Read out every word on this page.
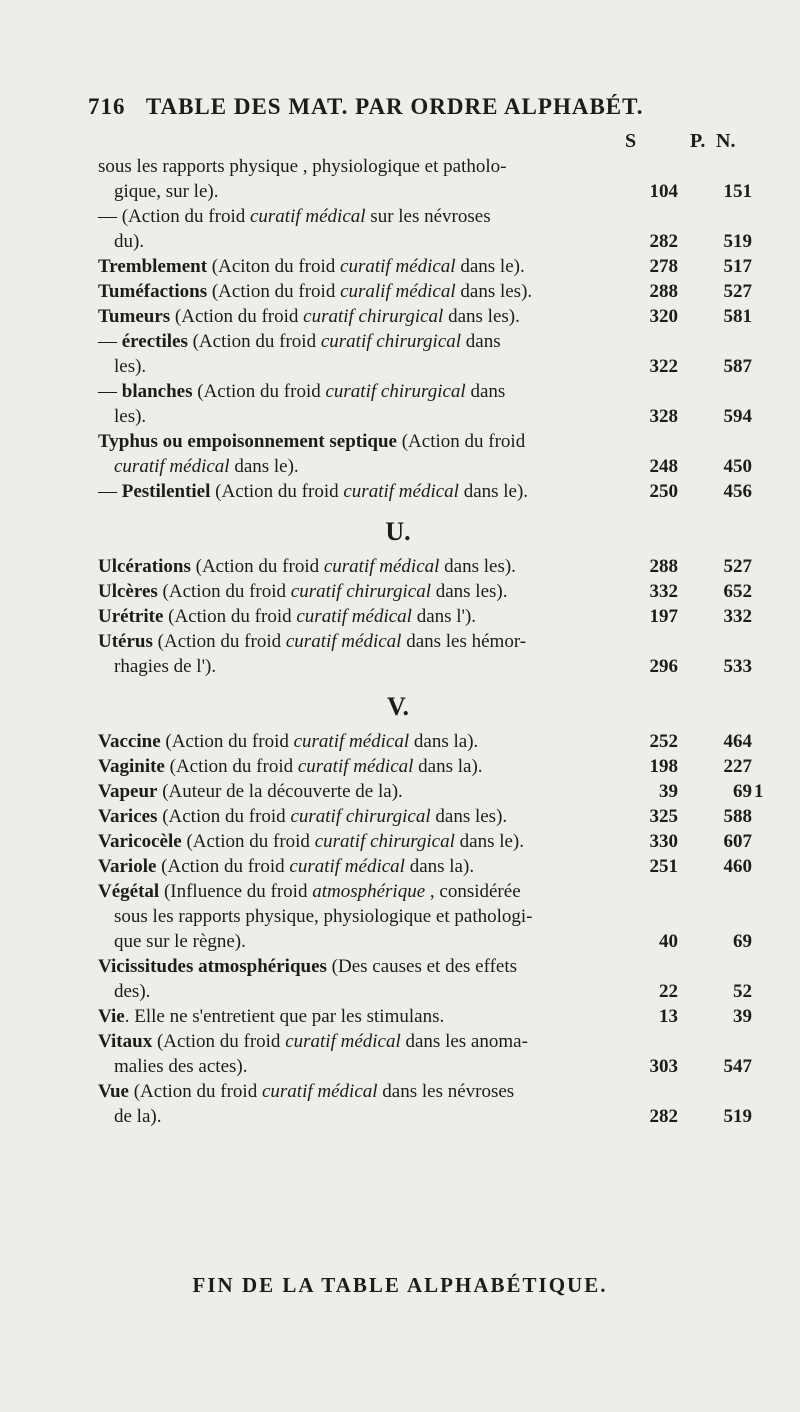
716 TABLE DES MAT. PAR ORDRE ALPHABÉT.
S	P. N.
sous les rapports physique , physiologique et patholo-
gique, sur le).	104	151
— (Action du froid curatif médical sur les névroses
du).	282	519
Tremblement (Aciton du froid curatif médical dans le).	278	517
Tuméfactions (Action du froid curalif médical dans les).	288	527
Tumeurs (Action du froid curatif chirurgical dans les).	320	581
— érectiles (Action du froid curatif chirurgical dans
les).	322	587
— blanches (Action du froid curatif chirurgical dans
les).	328	594
Typhus ou empoisonnement septique (Action du froid
curatif médical dans le).	248	450
— Pestilentiel (Action du froid curatif médical dans le).	250	456
U.
Ulcérations (Action du froid curatif médical dans les).	288	527
Ulcères (Action du froid curatif chirurgical dans les).	332	652
Urétrite (Action du froid curatif médical dans l').	197	332
Utérus (Action du froid curatif médical dans les hémor-
rhagies de l').	296	533
V.
Vaccine (Action du froid curatif médical dans la).	252	464
Vaginite (Action du froid curatif médical dans la).	198	227
Vapeur (Auteur de la découverte de la).	39	69 1
Varices (Action du froid curatif chirurgical dans les).	325	588
Varicocèle (Action du froid curatif chirurgical dans le).	330	607
Variole (Action du froid curatif médical dans la).	251	460
Végétal (Influence du froid atmosphérique , considérée
sous les rapports physique, physiologique et pathologi-
que sur le règne).	40	69
Vicissitudes atmosphériques (Des causes et des effets
des).	22	52
Vie. Elle ne s'entretient que par les stimulans.	13	39
Vitaux (Action du froid curatif médical dans les anoma-
malies des actes).	303	547
Vue (Action du froid curatif médical dans les névroses
de la).	282	519
FIN DE LA TABLE ALPHABÉTIQUE.
